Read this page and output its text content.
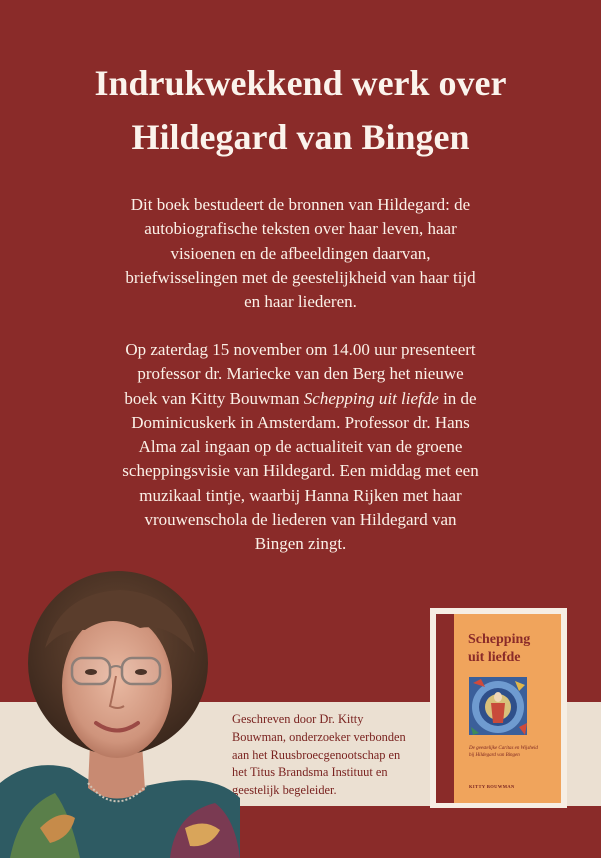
Indrukwekkend werk over
Hildegard van Bingen
Dit boek bestudeert de bronnen van Hildegard: de
autobiografische teksten over haar leven, haar
visioenen en de afbeeldingen daarvan,
briefwisselingen met de geestelijkheid van haar tijd
en haar liederen.
Op zaterdag 15 november om 14.00 uur presenteert
professor dr. Mariecke van den Berg het nieuwe
boek van Kitty Bouwman Schepping uit liefde in de
Dominicuskerk in Amsterdam. Professor dr. Hans
Alma zal ingaan op de actualiteit van de groene
scheppingsvisie van Hildegard. Een middag met een
muzikaal tintje, waarbij Hanna Rijken met haar
vrouwenschola de liederen van Hildegard van
Bingen zingt.
Geschreven door Dr. Kitty
Bouwman, onderzoeker verbonden
aan het Ruusbroecgenootschap en
het Titus Brandsma Instituut en
geestelijk begeleider.
Schepping
uit liefde
De geestelijke Caritas en Wijsheid
bij Hildegard van Bingen
KITTY BOUWMAN
